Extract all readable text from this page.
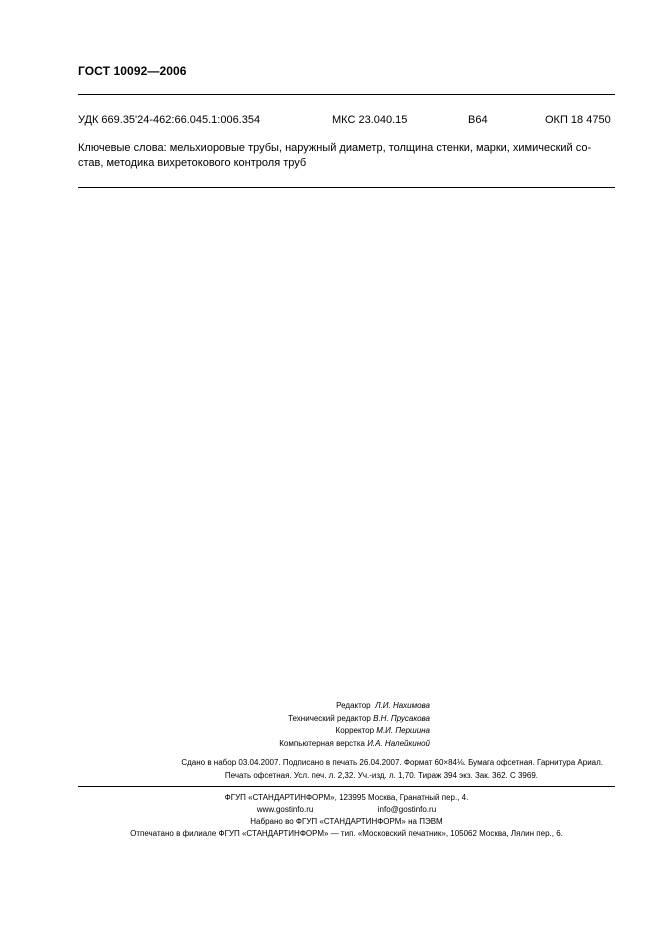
ГОСТ 10092—2006
УДК 669.35'24-462:66.045.1:006.354	МКС 23.040.15	В64	ОКП 18 4750
Ключевые слова: мельхиоровые трубы, наружный диаметр, толщина стенки, марки, химический со-
став, методика вихретокового контроля труб
Редактор Л.И. Нахимова
Технический редактор В.Н. Прусакова
Корректор М.И. Першина
Компьютерная верстка И.А. Налейкиной
Сдано в набор 03.04.2007. Подписано в печать 26.04.2007. Формат 60×84⅛. Бумага офсетная. Гарнитура Ариал.
Печать офсетная. Усл. печ. л. 2,32. Уч.-изд. л. 1,70. Тираж 394 экз. Зак. 362. С 3969.
ФГУП «СТАНДАРТИНФОРМ», 123995 Москва, Гранатный пер., 4.
www.gostinfo.ru	info@gostinfo.ru
Набрано во ФГУП «СТАНДАРТИНФОРМ» на ПЭВМ
Отпечатано в филиале ФГУП «СТАНДАРТИНФОРМ» — тип. «Московский печатник», 105062 Москва, Лялин пер., 6.
